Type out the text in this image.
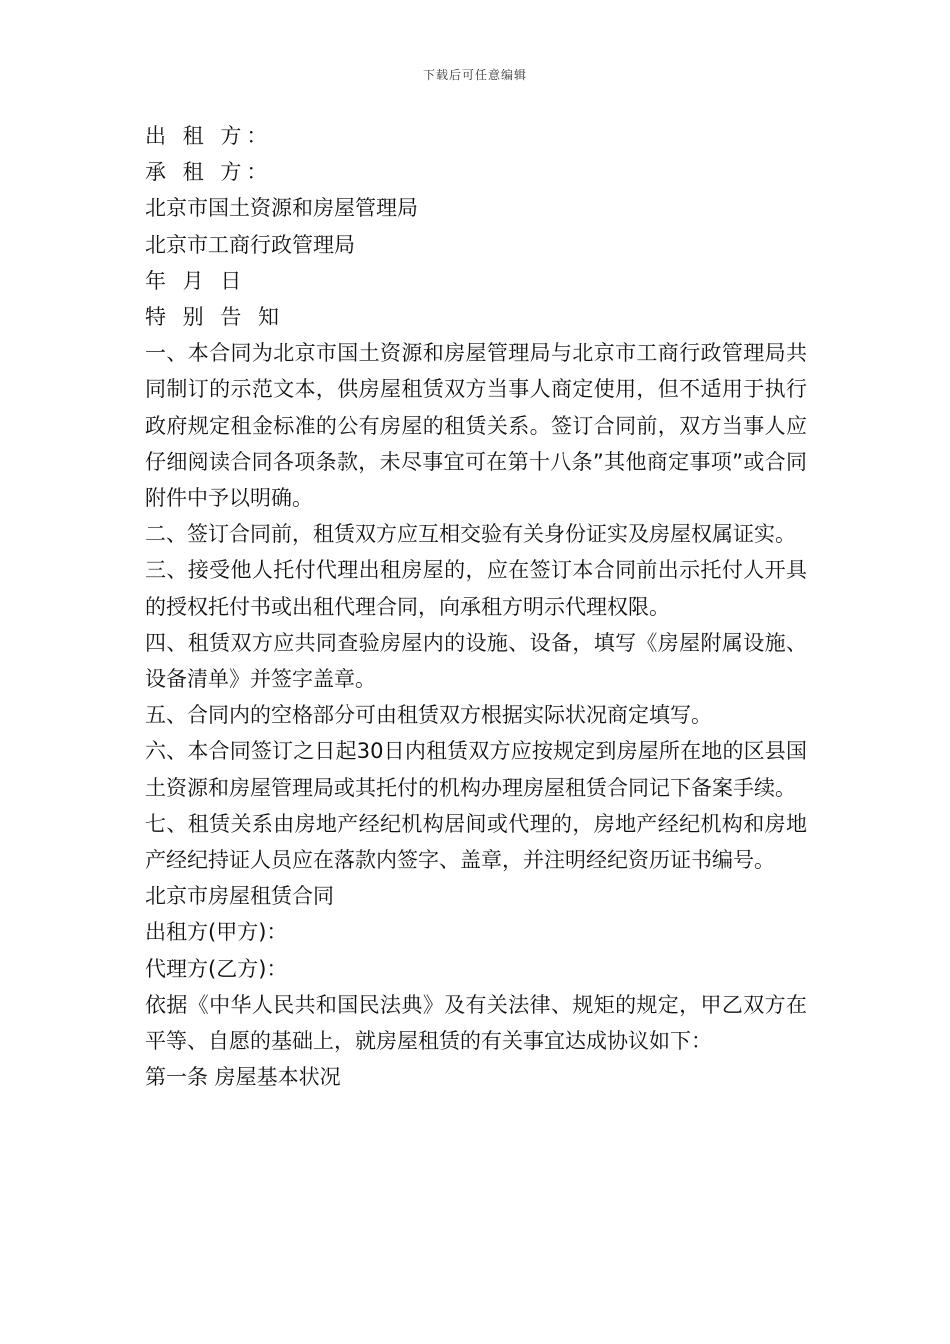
下载后可任意编辑

出 租 方：

承 租 方：

北京市国土资源和房屋管理局

北京市工商行政管理局

年 月 日

特 别 告 知

一、本合同为北京市国土资源和房屋管理局与北京市工商行政管理局共同制订的示范文本，供房屋租赁双方当事人商定使用，但不适用于执行政府规定租金标准的公有房屋的租赁关系。签订合同前，双方当事人应仔细阅读合同各项条款，未尽事宜可在第十八条”其他商定事项”或合同附件中予以明确。

二、签订合同前，租赁双方应互相交验有关身份证实及房屋权属证实。

三、接受他人托付代理出租房屋的，应在签订本合同前出示托付人开具的授权托付书或出租代理合同，向承租方明示代理权限。

四、租赁双方应共同查验房屋内的设施、设备，填写《房屋附属设施、设备清单》并签字盖章。

五、合同内的空格部分可由租赁双方根据实际状况商定填写。

六、本合同签订之日起30日内租赁双方应按规定到房屋所在地的区县国土资源和房屋管理局或其托付的机构办理房屋租赁合同记下备案手续。

七、租赁关系由房地产经纪机构居间或代理的，房地产经纪机构和房地产经纪持证人员应在落款内签字、盖章，并注明经纪资历证书编号。

北京市房屋租赁合同

出租方(甲方)：

代理方(乙方)：

依据《中华人民共和国民法典》及有关法律、规矩的规定，甲乙双方在平等、自愿的基础上，就房屋租赁的有关事宜达成协议如下：

第一条 房屋基本状况
